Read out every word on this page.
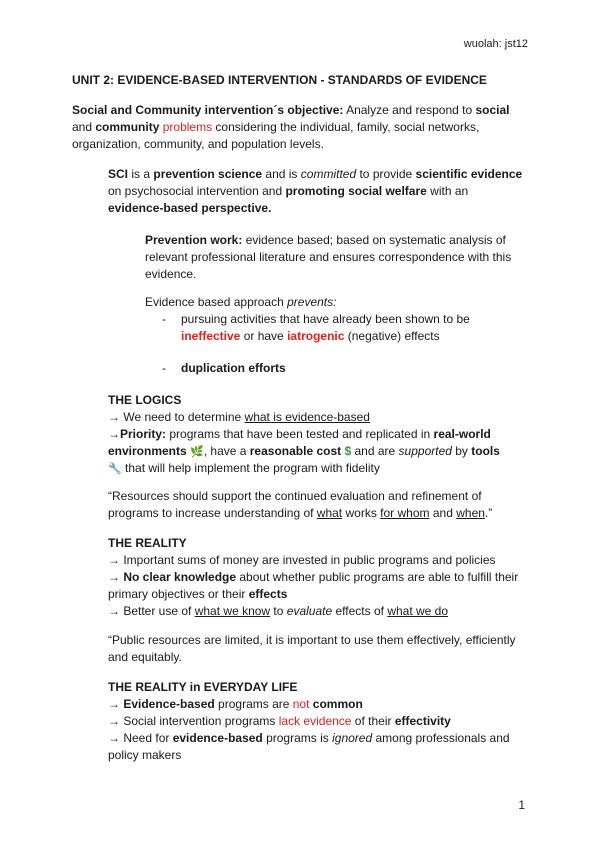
wuolah: jst12
UNIT 2: EVIDENCE-BASED INTERVENTION - STANDARDS OF EVIDENCE

Social and Community intervention´s objective: Analyze and respond to social

and community problems considering the individual, family, social networks,

organization, community, and population levels.

SCI is a prevention science and is committed to provide scientific evidence

on psychosocial intervention and promoting social welfare with an

evidence-based perspective.

Prevention work: evidence based; based on systematic analysis of

relevant professional literature and ensures correspondence with this

evidence.

Evidence based approach prevents:
- pursuing activities that have already been shown to be

ineffective or have iatrogenic (negative) effects

- duplication efforts

THE LOGICS

→ We need to determine what is evidence-based

→Priority: programs that have been tested and replicated in real-world

environments 🌿, have a reasonable cost $ and are supported by tools

🔧 that will help implement the program with fidelity

“Resources should support the continued evaluation and refinement of

programs to increase understanding of what works for whom and when.”

THE REALITY

→ Important sums of money are invested in public programs and policies

→ No clear knowledge about whether public programs are able to fulfill their

primary objectives or their effects

→ Better use of what we know to evaluate effects of what we do

“Public resources are limited, it is important to use them effectively, efficiently

and equitably.

THE REALITY in EVERYDAY LIFE

→ Evidence-based programs are not common

→ Social intervention programs lack evidence of their effectivity

→ Need for evidence-based programs is ignored among professionals and

policy makers

1
